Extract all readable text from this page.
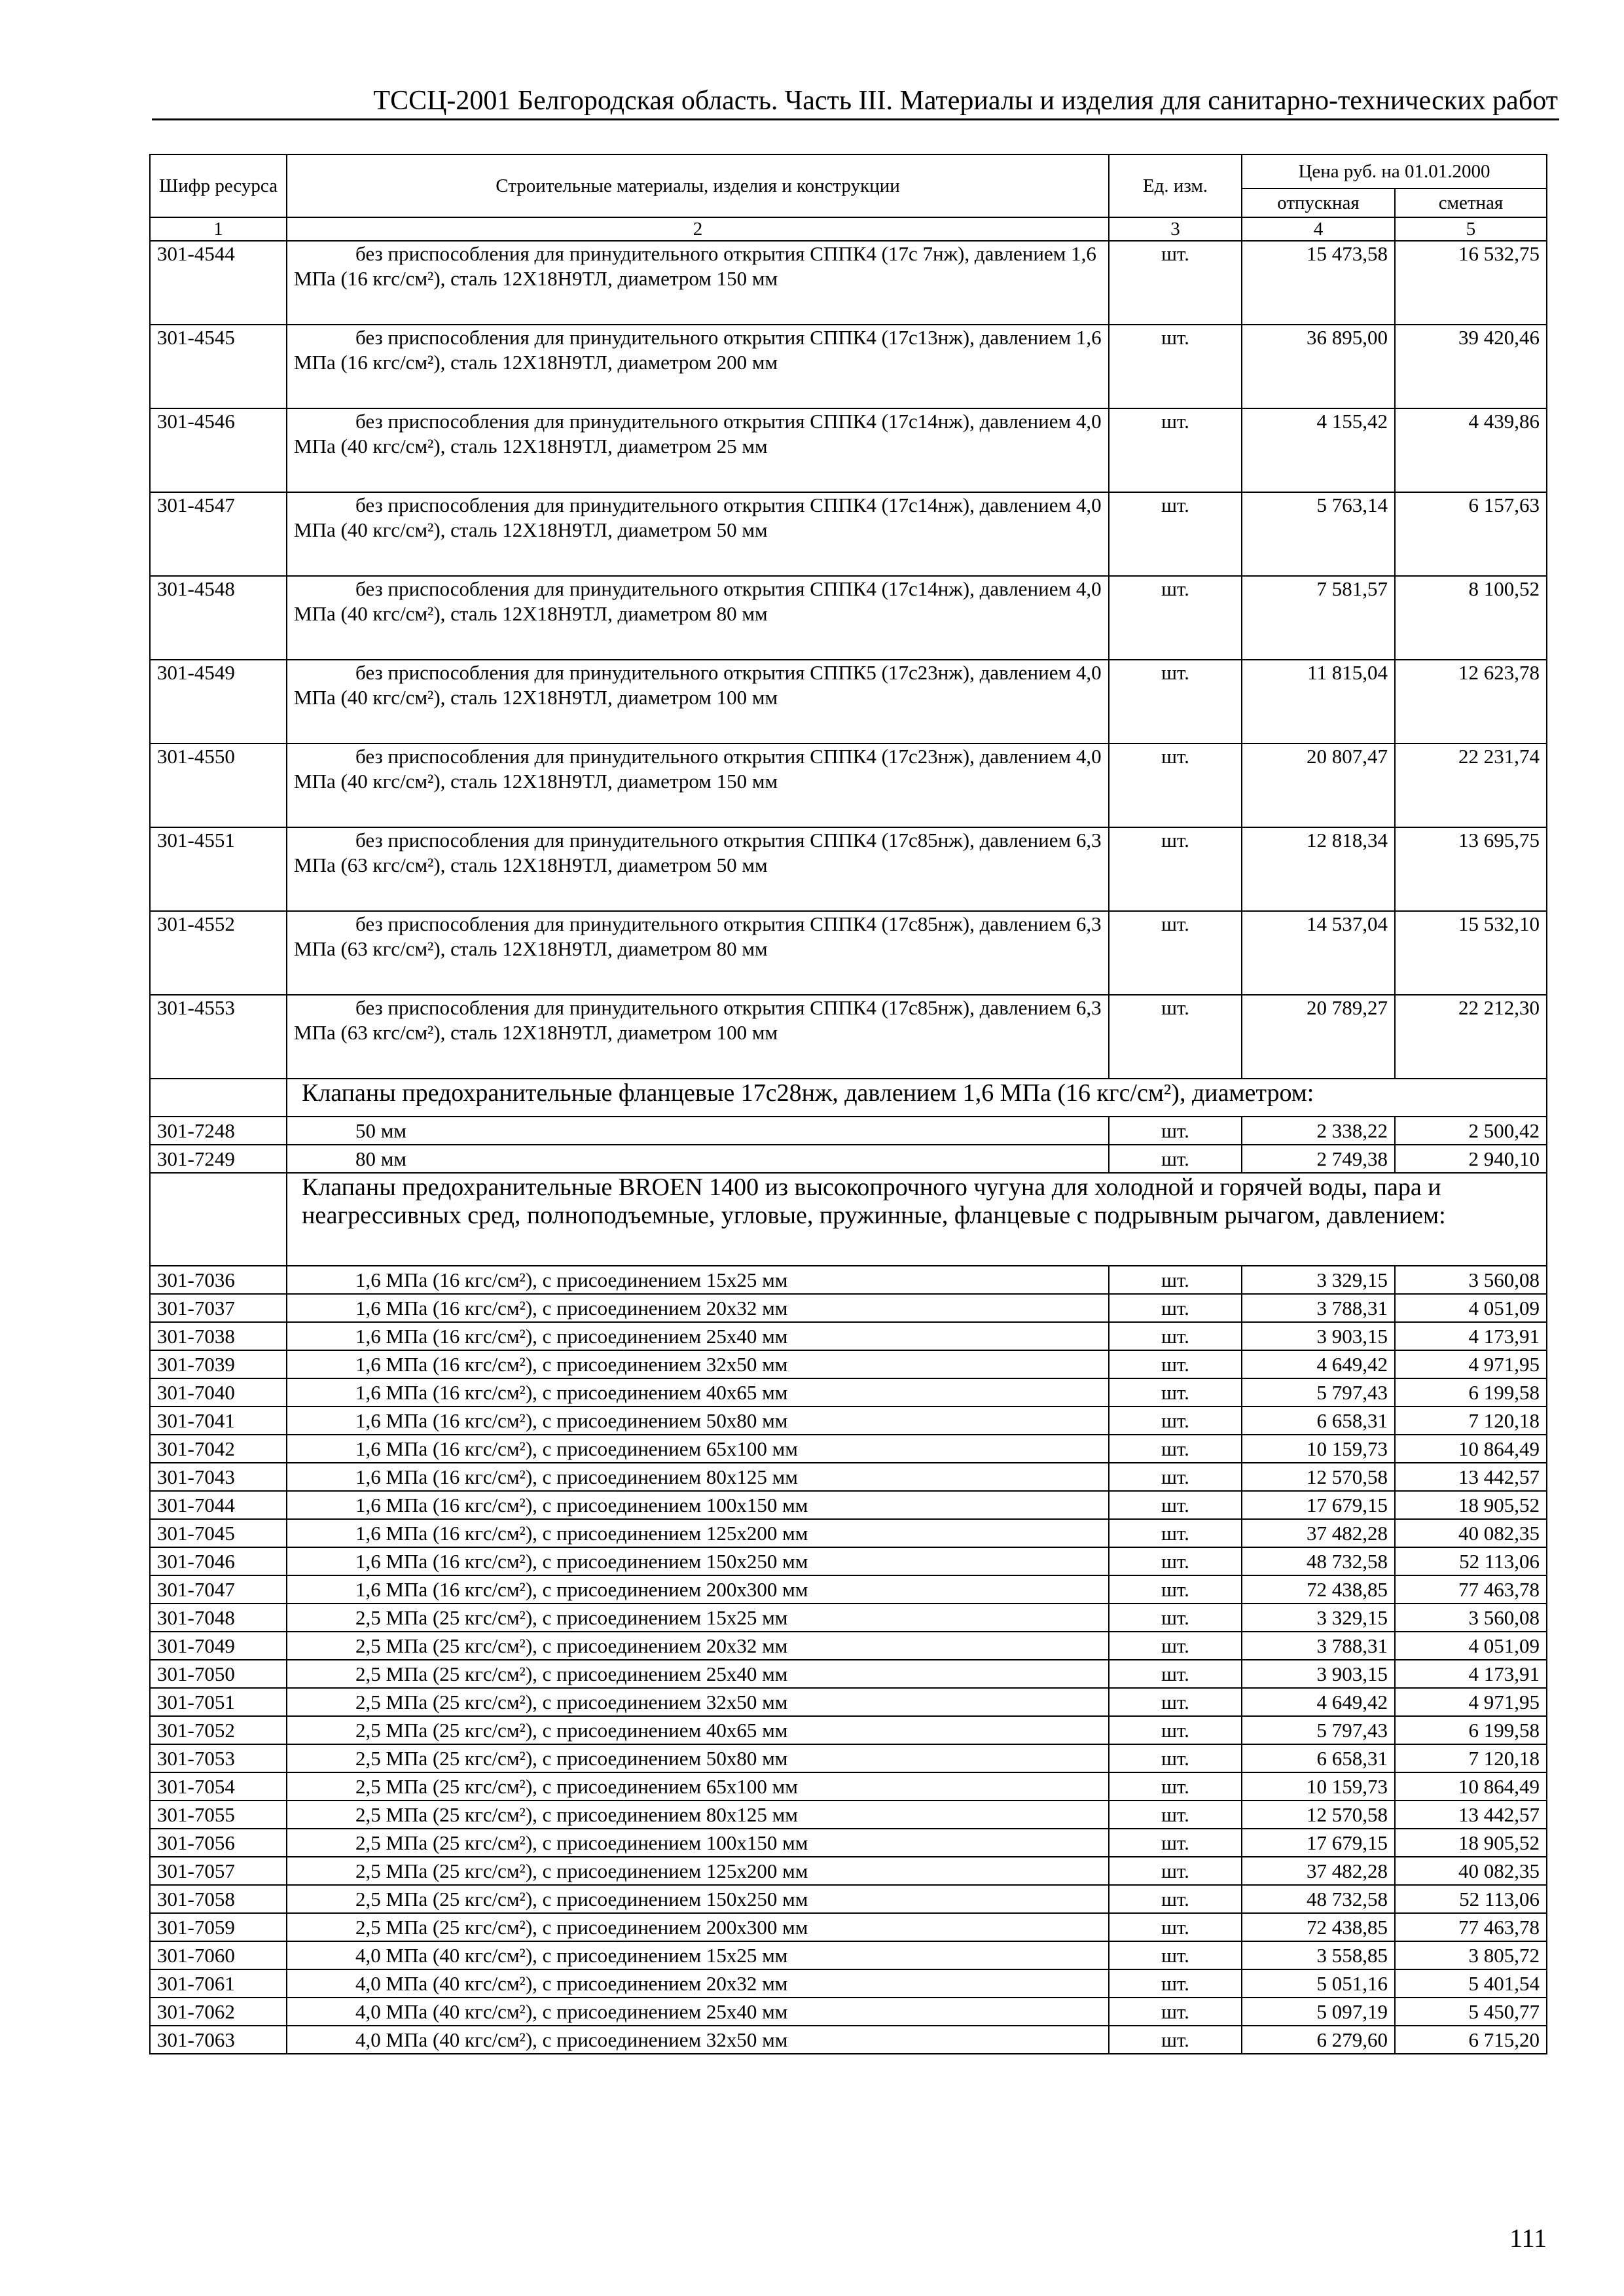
ТССЦ-2001 Белгородская область. Часть III. Материалы и изделия для санитарно-технических работ
Шифр ресурса	Строительные материалы, изделия и конструкции	Ед. изм.	Цена руб. на 01.01.2000	
			отпускная	сметная
1	2	3	4	5
301-4544	без приспособления для принудительного открытия СППК4 (17с 7нж), давлением 1,6 МПа (16 кгс/см²), сталь 12Х18Н9ТЛ, диаметром 150 мм	шт.	15 473,58	16 532,75
301-4545	без приспособления для принудительного открытия СППК4 (17с13нж), давлением 1,6 МПа (16 кгс/см²), сталь 12Х18Н9ТЛ, диаметром 200 мм	шт.	36 895,00	39 420,46
301-4546	без приспособления для принудительного открытия СППК4 (17с14нж), давлением 4,0 МПа (40 кгс/см²), сталь 12Х18Н9ТЛ, диаметром 25 мм	шт.	4 155,42	4 439,86
301-4547	без приспособления для принудительного открытия СППК4 (17с14нж), давлением 4,0 МПа (40 кгс/см²), сталь 12Х18Н9ТЛ, диаметром 50 мм	шт.	5 763,14	6 157,63
301-4548	без приспособления для принудительного открытия СППК4 (17с14нж), давлением 4,0 МПа (40 кгс/см²), сталь 12Х18Н9ТЛ, диаметром 80 мм	шт.	7 581,57	8 100,52
301-4549	без приспособления для принудительного открытия СППК5 (17с23нж), давлением 4,0 МПа (40 кгс/см²), сталь 12Х18Н9ТЛ, диаметром 100 мм	шт.	11 815,04	12 623,78
301-4550	без приспособления для принудительного открытия СППК4 (17с23нж), давлением 4,0 МПа (40 кгс/см²), сталь 12Х18Н9ТЛ, диаметром 150 мм	шт.	20 807,47	22 231,74
301-4551	без приспособления для принудительного открытия СППК4 (17с85нж), давлением 6,3 МПа (63 кгс/см²), сталь 12Х18Н9ТЛ, диаметром 50 мм	шт.	12 818,34	13 695,75
301-4552	без приспособления для принудительного открытия СППК4 (17с85нж), давлением 6,3 МПа (63 кгс/см²), сталь 12Х18Н9ТЛ, диаметром 80 мм	шт.	14 537,04	15 532,10
301-4553	без приспособления для принудительного открытия СППК4 (17с85нж), давлением 6,3 МПа (63 кгс/см²), сталь 12Х18Н9ТЛ, диаметром 100 мм	шт.	20 789,27	22 212,30
	Клапаны предохранительные фланцевые 17с28нж, давлением 1,6 МПа (16 кгс/см²), диаметром:			
301-7248	50 мм	шт.	2 338,22	2 500,42
301-7249	80 мм	шт.	2 749,38	2 940,10
	Клапаны предохранительные BROEN 1400 из высокопрочного чугуна для холодной и горячей воды, пара и неагрессивных сред, полноподъемные, угловые, пружинные, фланцевые с подрывным рычагом, давлением:			
301-7036	1,6 МПа (16 кгс/см²), с присоединением 15х25 мм	шт.	3 329,15	3 560,08
301-7037	1,6 МПа (16 кгс/см²), с присоединением 20х32 мм	шт.	3 788,31	4 051,09
301-7038	1,6 МПа (16 кгс/см²), с присоединением 25х40 мм	шт.	3 903,15	4 173,91
301-7039	1,6 МПа (16 кгс/см²), с присоединением 32х50 мм	шт.	4 649,42	4 971,95
301-7040	1,6 МПа (16 кгс/см²), с присоединением 40х65 мм	шт.	5 797,43	6 199,58
301-7041	1,6 МПа (16 кгс/см²), с присоединением 50х80 мм	шт.	6 658,31	7 120,18
301-7042	1,6 МПа (16 кгс/см²), с присоединением 65х100 мм	шт.	10 159,73	10 864,49
301-7043	1,6 МПа (16 кгс/см²), с присоединением 80х125 мм	шт.	12 570,58	13 442,57
301-7044	1,6 МПа (16 кгс/см²), с присоединением 100х150 мм	шт.	17 679,15	18 905,52
301-7045	1,6 МПа (16 кгс/см²), с присоединением 125х200 мм	шт.	37 482,28	40 082,35
301-7046	1,6 МПа (16 кгс/см²), с присоединением 150х250 мм	шт.	48 732,58	52 113,06
301-7047	1,6 МПа (16 кгс/см²), с присоединением 200х300 мм	шт.	72 438,85	77 463,78
301-7048	2,5 МПа (25 кгс/см²), с присоединением 15х25 мм	шт.	3 329,15	3 560,08
301-7049	2,5 МПа (25 кгс/см²), с присоединением 20х32 мм	шт.	3 788,31	4 051,09
301-7050	2,5 МПа (25 кгс/см²), с присоединением 25х40 мм	шт.	3 903,15	4 173,91
301-7051	2,5 МПа (25 кгс/см²), с присоединением 32х50 мм	шт.	4 649,42	4 971,95
301-7052	2,5 МПа (25 кгс/см²), с присоединением 40х65 мм	шт.	5 797,43	6 199,58
301-7053	2,5 МПа (25 кгс/см²), с присоединением 50х80 мм	шт.	6 658,31	7 120,18
301-7054	2,5 МПа (25 кгс/см²), с присоединением 65х100 мм	шт.	10 159,73	10 864,49
301-7055	2,5 МПа (25 кгс/см²), с присоединением 80х125 мм	шт.	12 570,58	13 442,57
301-7056	2,5 МПа (25 кгс/см²), с присоединением 100х150 мм	шт.	17 679,15	18 905,52
301-7057	2,5 МПа (25 кгс/см²), с присоединением 125х200 мм	шт.	37 482,28	40 082,35
301-7058	2,5 МПа (25 кгс/см²), с присоединением 150х250 мм	шт.	48 732,58	52 113,06
301-7059	2,5 МПа (25 кгс/см²), с присоединением 200х300 мм	шт.	72 438,85	77 463,78
301-7060	4,0 МПа (40 кгс/см²), с присоединением 15х25 мм	шт.	3 558,85	3 805,72
301-7061	4,0 МПа (40 кгс/см²), с присоединением 20х32 мм	шт.	5 051,16	5 401,54
301-7062	4,0 МПа (40 кгс/см²), с присоединением 25х40 мм	шт.	5 097,19	5 450,77
301-7063	4,0 МПа (40 кгс/см²), с присоединением 32х50 мм	шт.	6 279,60	6 715,20
111
